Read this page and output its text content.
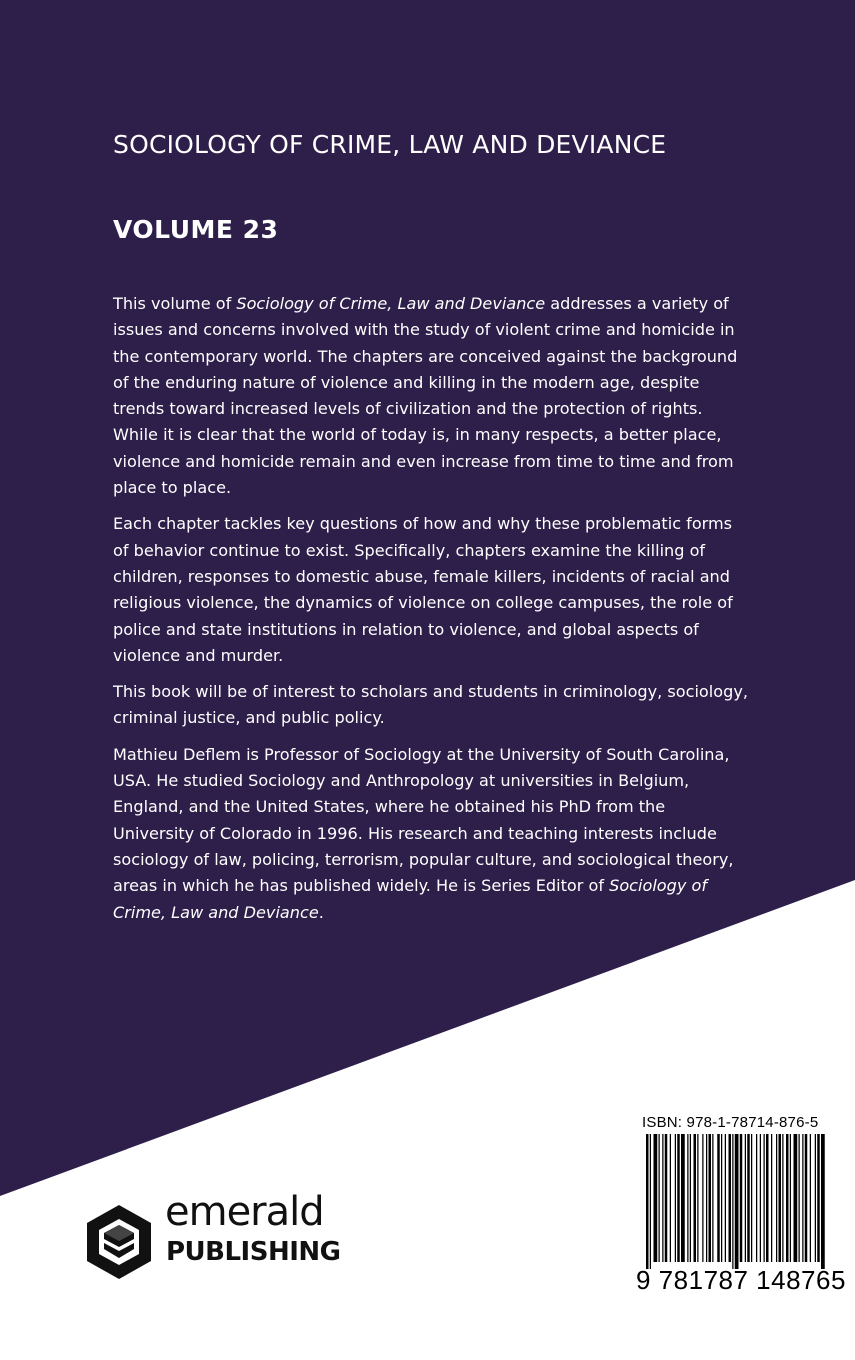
SOCIOLOGY OF CRIME, LAW AND DEVIANCE
VOLUME 23

This volume of Sociology of Crime, Law and Deviance addresses a variety of issues and concerns involved with the study of violent crime and homicide in the contemporary world. The chapters are conceived against the background of the enduring nature of violence and killing in the modern age, despite trends toward increased levels of civilization and the protection of rights. While it is clear that the world of today is, in many respects, a better place, violence and homicide remain and even increase from time to time and from place to place.

Each chapter tackles key questions of how and why these problematic forms of behavior continue to exist. Specifically, chapters examine the killing of children, responses to domestic abuse, female killers, incidents of racial and religious violence, the dynamics of violence on college campuses, the role of police and state institutions in relation to violence, and global aspects of violence and murder.

This book will be of interest to scholars and students in criminology, sociology, criminal justice, and public policy.

Mathieu Deflem is Professor of Sociology at the University of South Carolina, USA. He studied Sociology and Anthropology at universities in Belgium, England, and the United States, where he obtained his PhD from the University of Colorado in 1996. His research and teaching interests include sociology of law, policing, terrorism, popular culture, and sociological theory, areas in which he has published widely. He is Series Editor of Sociology of Crime, Law and Deviance.

ISBN: 978-1-78714-876-5
9 781787 148765
emerald
PUBLISHING
